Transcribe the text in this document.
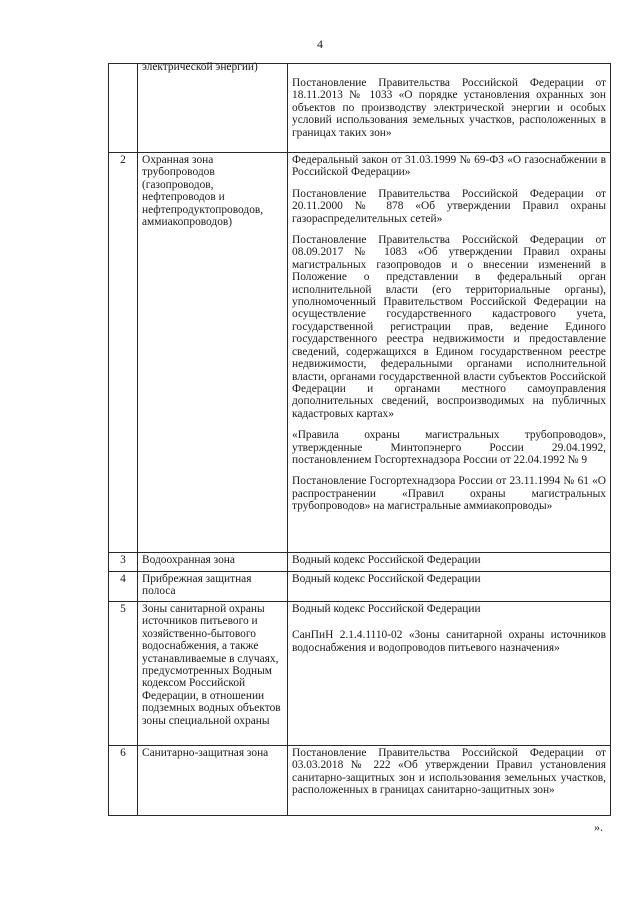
4

	электрической энергии)	Постановление Правительства Российской Федерации от 18.11.2013 № 1033 «О порядке установления охранных зон объектов по производству электрической энергии и особых условий использования земельных участков, расположенных в границах таких зон»

2	Охранная зона трубопроводов (газопроводов, нефтепроводов и нефтепродуктопроводов, аммиакопроводов)	Федеральный закон от 31.03.1999 № 69-ФЗ «О газоснабжении в Российской Федерации»
Постановление Правительства Российской Федерации от 20.11.2000 № 878 «Об утверждении Правил охраны газораспределительных сетей»
Постановление Правительства Российской Федерации от 08.09.2017 № 1083 «Об утверждении Правил охраны магистральных газопроводов и о внесении изменений в Положение о представлении в федеральный орган исполнительной власти (его территориальные органы), уполномоченный Правительством Российской Федерации на осуществление государственного кадастрового учета, государственной регистрации прав, ведение Единого государственного реестра недвижимости и предоставление сведений, содержащихся в Едином государственном реестре недвижимости, федеральными органами исполнительной власти, органами государственной власти субъектов Российской Федерации и органами местного самоуправления дополнительных сведений, воспроизводимых на публичных кадастровых картах»
«Правила охраны магистральных трубопроводов», утвержденные Минтопэнерго России 29.04.1992, постановлением Госгортехнадзора России от 22.04.1992 № 9
Постановление Госгортехнадзора России от 23.11.1994 № 61 «О распространении «Правил охраны магистральных трубопроводов» на магистральные аммиакопроводы»

3	Водоохранная зона	Водный кодекс Российской Федерации

4	Прибрежная защитная полоса	Водный кодекс Российской Федерации

5	Зоны санитарной охраны источников питьевого и хозяйственно-бытового водоснабжения, а также устанавливаемые в случаях, предусмотренных Водным кодексом Российской Федерации, в отношении подземных водных объектов зоны специальной охраны	Водный кодекс Российской Федерации
СанПиН 2.1.4.1110-02 «Зоны санитарной охраны источников водоснабжения и водопроводов питьевого назначения»

6	Санитарно-защитная зона	Постановление Правительства Российской Федерации от 03.03.2018 № 222 «Об утверждении Правил установления санитарно-защитных зон и использования земельных участков, расположенных в границах санитарно-защитных зон»
».
